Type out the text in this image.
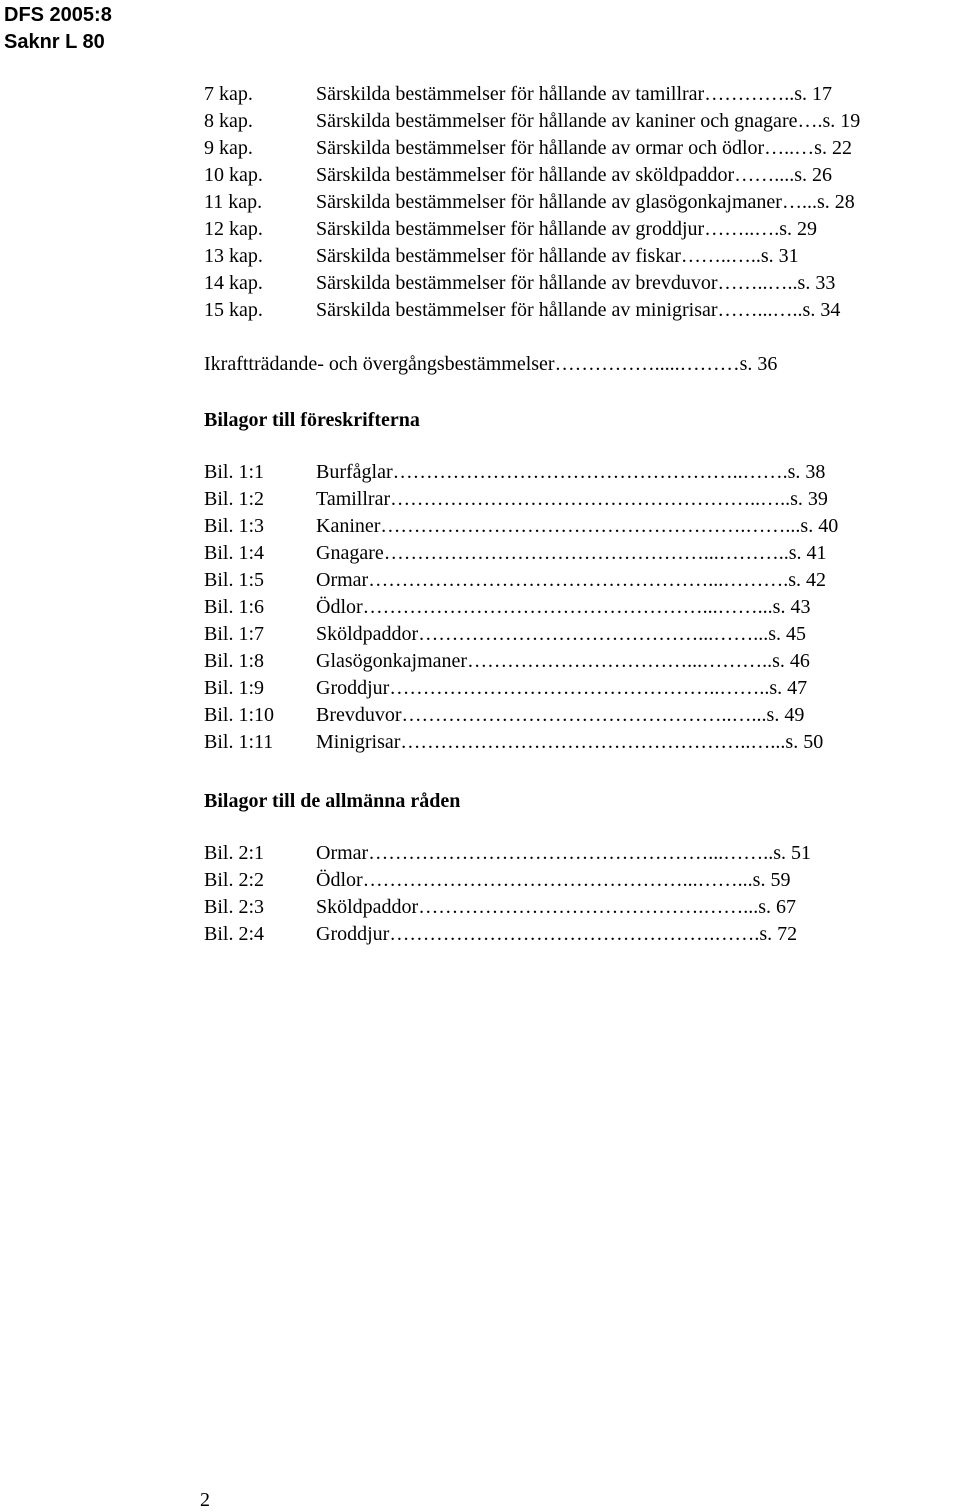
DFS 2005:8
Saknr L 80
7 kap.	Särskilda bestämmelser för hållande av tamillrar…………..s. 17
8 kap.	Särskilda bestämmelser för hållande av kaniner och gnagare….s. 19
9 kap.	Särskilda bestämmelser för hållande av ormar och ödlor…..…s. 22
10 kap.	Särskilda bestämmelser för hållande av sköldpaddor……....s. 26
11 kap.	Särskilda bestämmelser för hållande av glasögonkajmaner…...s. 28
12 kap.	Särskilda bestämmelser för hållande av groddjur……..….s. 29
13 kap.	Särskilda bestämmelser för hållande av fiskar……..…..s. 31
14 kap.	Särskilda bestämmelser för hållande av brevduvor……..…..s. 33
15 kap.	Särskilda bestämmelser för hållande av minigrisar……...…..s. 34
Ikraftträdande- och övergångsbestämmelser…………….....………s. 36
Bilagor till föreskrifterna
Bil. 1:1	Burfåglar……………………………………………..…….s. 38
Bil. 1:2	Tamillrar………………………………………………..…..s. 39
Bil. 1:3	Kaniner……………………………………………….……...s. 40
Bil. 1:4	Gnagare…………………………………………...………..s. 41
Bil. 1:5	Ormar……………………………………………...……….s. 42
Bil. 1:6	Ödlor……………………………………………...……...s. 43
Bil. 1:7	Sköldpaddor……………………………………...……...s. 45
Bil. 1:8	Glasögonkajmaner……………………………...………..s. 46
Bil. 1:9	Groddjur…………………………………………..……..s. 47
Bil. 1:10 Brevduvor…………………………………………..…...s. 49
Bil. 1:11 Minigrisar……………………………………………..…...s. 50
Bilagor till de allmänna råden
Bil. 2:1	Ormar……………………………………………...……..s. 51
Bil. 2:2	Ödlor…………………………………………...……...s. 59
Bil. 2:3	Sköldpaddor…………………………………….……...s. 67
Bil. 2:4	Groddjur………………………………………….…….s. 72
2
